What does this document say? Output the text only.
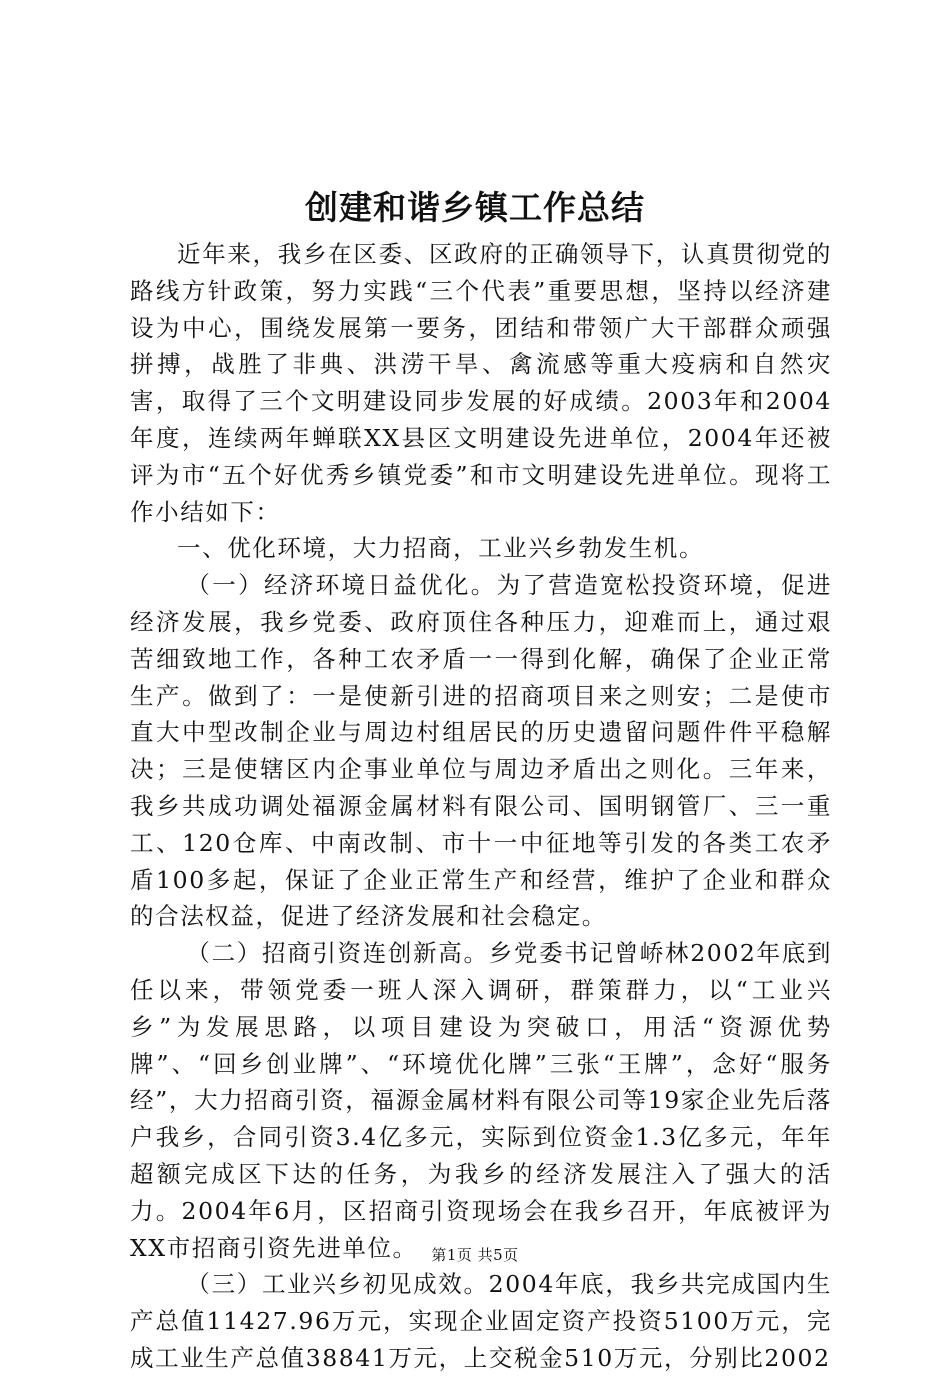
创建和谐乡镇工作总结

近年来，我乡在区委、区政府的正确领导下，认真贯彻党的路线方针政策，努力实践“三个代表”重要思想，坚持以经济建设为中心，围绕发展第一要务，团结和带领广大干部群众顽强拼搏，战胜了非典、洪涝干旱、禽流感等重大疫病和自然灾害，取得了三个文明建设同步发展的好成绩。2003年和2004年度，连续两年蝉联XX县区文明建设先进单位，2004年还被评为市“五个好优秀乡镇党委”和市文明建设先进单位。现将工作小结如下：

一、优化环境，大力招商，工业兴乡勃发生机。

（一）经济环境日益优化。为了营造宽松投资环境，促进经济发展，我乡党委、政府顶住各种压力，迎难而上，通过艰苦细致地工作，各种工农矛盾一一得到化解，确保了企业正常生产。做到了：一是使新引进的招商项目来之则安；二是使市直大中型改制企业与周边村组居民的历史遗留问题件件平稳解决；三是使辖区内企事业单位与周边矛盾出之则化。三年来，我乡共成功调处福源金属材料有限公司、国明钢管厂、三一重工、120仓库、中南改制、市十一中征地等引发的各类工农矛盾100多起，保证了企业正常生产和经营，维护了企业和群众的合法权益，促进了经济发展和社会稳定。

（二）招商引资连创新高。乡党委书记曾峤林2002年底到任以来，带领党委一班人深入调研，群策群力，以“工业兴乡”为发展思路，以项目建设为突破口，用活“资源优势牌”、“回乡创业牌”、“环境优化牌”三张“王牌”，念好“服务经”，大力招商引资，福源金属材料有限公司等19家企业先后落户我乡，合同引资3.4亿多元，实际到位资金1.3亿多元，年年超额完成区下达的任务，为我乡的经济发展注入了强大的活力。2004年6月，区招商引资现场会在我乡召开，年底被评为XX市招商引资先进单位。

（三）工业兴乡初见成效。2004年底，我乡共完成国内生产总值11427.96万元，实现企业固定资产投资5100万元，完成工业生产总值38841万元，上交税金510万元，分别比2002

第1页 共5页
